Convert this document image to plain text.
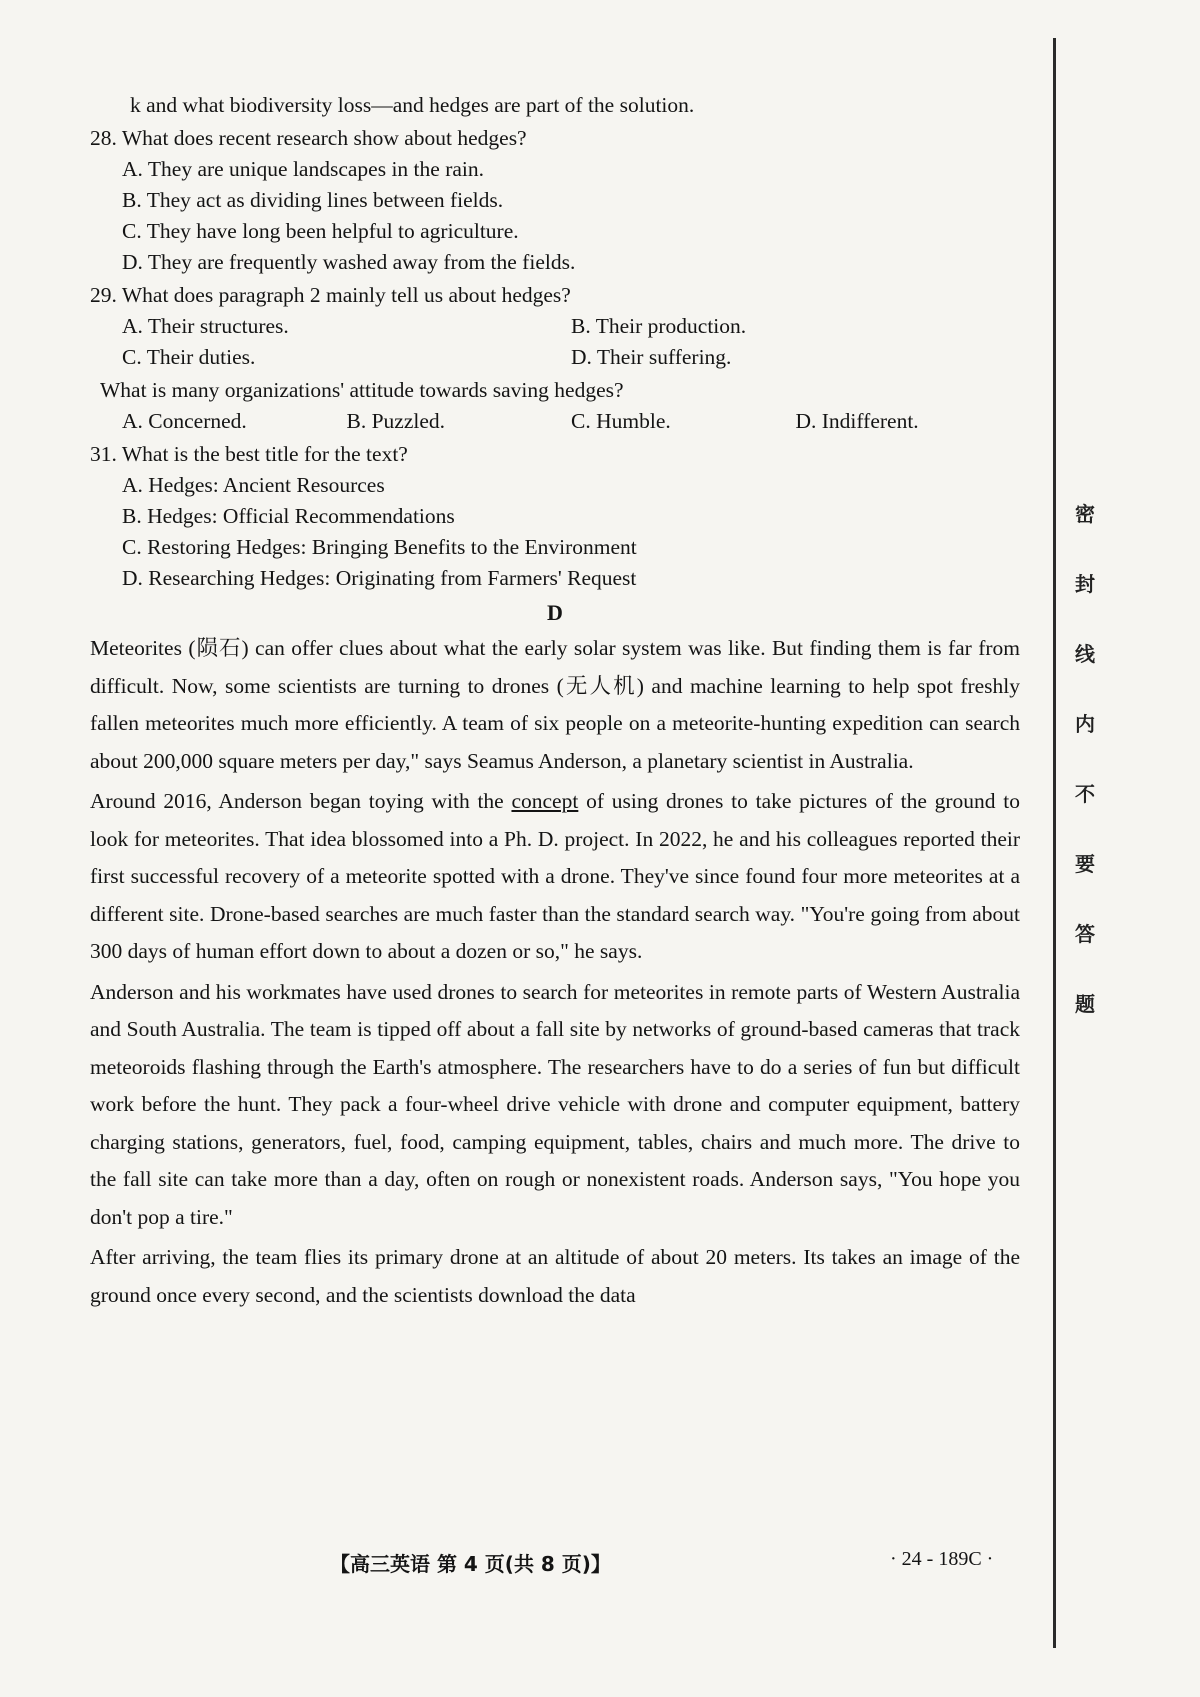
k and what biodiversity loss—and hedges are part of the solution.
28. What does recent research show about hedges?
A. They are unique landscapes in the rain.
B. They act as dividing lines between fields.
C. They have long been helpful to agriculture.
D. They are frequently washed away from the fields.
29. What does paragraph 2 mainly tell us about hedges?
A. Their structures.	B. Their production.
C. Their duties.	D. Their suffering.
What is many organizations' attitude towards saving hedges?
A. Concerned.	B. Puzzled.	C. Humble.	D. Indifferent.
31. What is the best title for the text?
A. Hedges: Ancient Resources
B. Hedges: Official Recommendations
C. Restoring Hedges: Bringing Benefits to the Environment
D. Researching Hedges: Originating from Farmers' Request
D

Meteorites (陨石) can offer clues about what the early solar system was like. But finding them is far from difficult. Now, some scientists are turning to drones (无人机) and machine learning to help spot freshly fallen meteorites much more efficiently. A team of six people on a meteorite-hunting expedition can search about 200,000 square meters per day," says Seamus Anderson, a planetary scientist in Australia.

Around 2016, Anderson began toying with the concept of using drones to take pictures of the ground to look for meteorites. That idea blossomed into a Ph. D. project. In 2022, he and his colleagues reported their first successful recovery of a meteorite spotted with a drone. They've since found four more meteorites at a different site. Drone-based searches are much faster than the standard search way. "You're going from about 300 days of human effort down to about a dozen or so," he says.

Anderson and his workmates have used drones to search for meteorites in remote parts of Western Australia and South Australia. The team is tipped off about a fall site by networks of ground-based cameras that track meteoroids flashing through the Earth's atmosphere. The researchers have to do a series of fun but difficult work before the hunt. They pack a four-wheel drive vehicle with drone and computer equipment, battery charging stations, generators, fuel, food, camping equipment, tables, chairs and much more. The drive to the fall site can take more than a day, often on rough or nonexistent roads. Anderson says, "You hope you don't pop a tire."

After arriving, the team flies its primary drone at an altitude of about 20 meters. Its takes an image of the ground once every second, and the scientists download the data

密
封
线
内
不
要
答
题
【高三英语 第 4 页(共 8 页)】	· 24 - 189C ·
